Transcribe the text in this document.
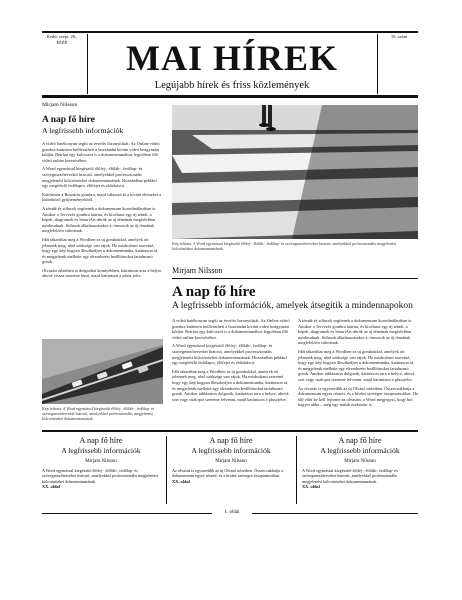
Kedd, szept. 20., ÉÉÉÉ	MAI HÍREK
Legújabb hírek és friss közlemények
10. szám
Mirjam Nilsson
A nap fő híre
A legfrissebb információk

A videó hatékonyan segíti az érvelés bizonyítását. Az Online videó gombra kattintva beillesztheti a hozzáadni kívánt videó beágyazási kódját. Beírhat egy kulcsszót is a dokumentumához legjobban illő videó online kereséséhez.

A Word egymással kiegészítő élőfej-, élőláb-, fedőlap- és szövegmezőterveket biztosít, amelyekkel professzionális megjelenést kölcsönözhet dokumentumának. Hozzáadhat például egy megfelelő fedőlapot, élőfejet és oldalsávot.

Kattintson a Beszúrás gombra, majd válassza ki a kívánt elemeket a különböző gyűjteményekből.

A témák és stílusok segítenek a dokumentum koordinálásában is. Amikor a Tervezés gombra kattint, és kiválaszt egy új témát, a képek, diagramok és SmartArt-ábrák az új témának megfelelően módosulnak. Stílusok alkalmazásakor a címsorok az új témának megfelelően változnak.

Időt takaríthat meg a Wordben az új gombokkal, amelyek ott jelennek meg, ahol szüksége van rájuk. Ha módosítani szeretné, hogy egy kép hogyan illeszkedjen a dokumentumba, kattintson rá, és megjelenik mellette egy elrendezési beállításokat tartalmazó gomb.

Olvasási nézetben is dolgozhat könnyebben, kattintson arra a helyre, ahová vissza szeretne térni, majd kattintson a plusz jelre.

Kép felirata. A Word egymással kiegészítő élőfej-, élőláb-, fedőlap- és szövegmezőterveket biztosít, amelyekkel professzionális megjelenést kölcsönözhet dokumentumának.
Kép felirata. A Word egymással kiegészítő élőfej-, élőláb-, fedőlap- és szövegmezőterveket biztosít, amelyekkel professzionális megjelenést kölcsönözhet dokumentumának.
Mirjam Nilsson
A nap fő híre
A legfrissebb információk, amelyek átsegítik a mindennapokon

A videó hatékonyan segíti az érvelés bizonyítását. Az Online videó gombra kattintva beillesztheti a hozzáadni kívánt videó beágyazási kódját. Beírhat egy kulcsszót is a dokumentumához legjobban illő videó online kereséséhez.

A Word egymással kiegészítő élőfej-, élőláb-, fedőlap- és szövegmezőterveket biztosít, amelyekkel professzionális megjelenést kölcsönözhet dokumentumának. Hozzáadhat például egy megfelelő fedőlapot, élőfejet és oldalsávot.

Időt takaríthat meg a Wordben az új gombokkal, amelyek ott jelennek meg, ahol szüksége van rájuk. Ha módosítani szeretné, hogy egy kép hogyan illeszkedjen a dokumentumba, kattintson rá, és megjelenik mellette egy elrendezési beállításokat tartalmazó gomb. Amikor táblázaton dolgozik, kattintson arra a helyre, ahová sort vagy oszlopot szeretne felvenni, majd kattintson a pluszjelre.

A témák és stílusok segítenek a dokumentum koordinálásában is. Amikor a Tervezés gombra kattint, és kiválaszt egy új témát, a képek, diagramok és SmartArt-ábrák az új témának megfelelően módosulnak. Stílusok alkalmazásakor a címsorok az új témának megfelelően változnak.

Időt takaríthat meg a Wordben az új gombokkal, amelyek ott jelennek meg, ahol szüksége van rájuk. Ha módosítani szeretné, hogy egy kép hogyan illeszkedjen a dokumentumba, kattintson rá, és megjelenik mellette egy elrendezési beállításokat tartalmazó gomb. Amikor táblázaton dolgozik, kattintson arra a helyre, ahová sort vagy oszlopot szeretne felvenni, majd kattintson a pluszjelre.

Az olvasás is egyszerűbb az új Olvasó nézetben. Összecsukhatja a dokumentum egyes részeit, és a kívánt szövegre összpontosíthat. Ha idő előtt be kell fejeznie az olvasást, a Word megjegyzi, hogy hol hagyta abba – még egy másik eszközön is.

A nap fő híre
A legfrissebb információk
Mirjam Nilsson
A Word egymással kiegészítő élőfej-, élőláb-, fedőlap- és szövegmezőterveket biztosít, amelyekkel professzionális megjelenést kölcsönözhet dokumentumának.
XX. oldal
A nap fő híre
A legfrissebb információk
Mirjam Nilsson
Az olvasás is egyszerűbb az új Olvasó nézetben. Összecsukhatja a dokumentum egyes részeit, és a kívánt szövegre összpontosíthat.
XX. oldal
A nap fő híre
A legfrissebb információk
Mirjam Nilsson
A Word egymással kiegészítő élőfej-, élőláb-, fedőlap- és szövegmezőterveket biztosít, amelyekkel professzionális megjelenést kölcsönözhet dokumentumának.
XX. oldal
1. oldal
